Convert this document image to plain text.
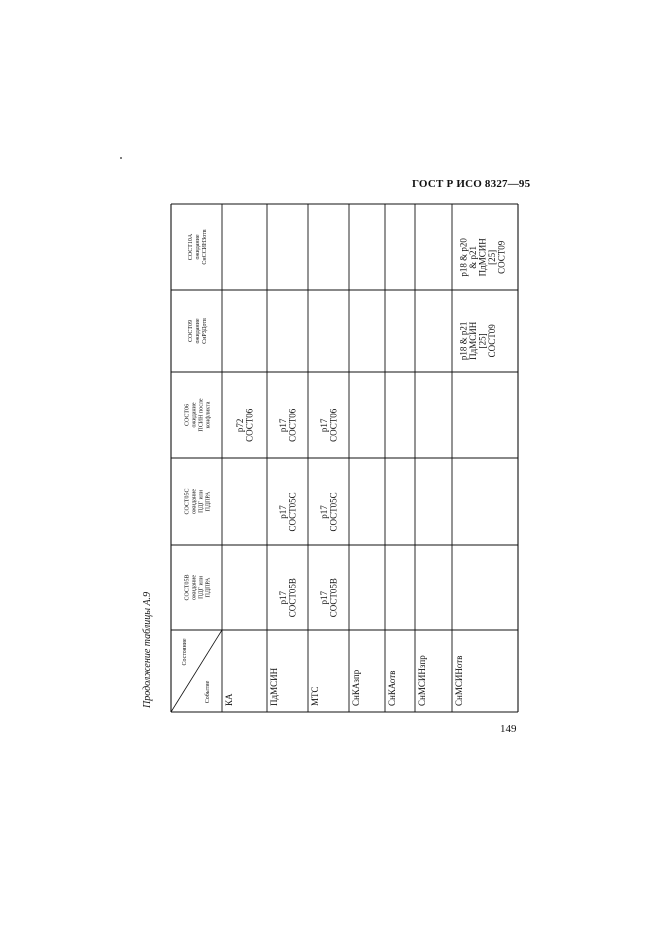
ГОСТ Р ИСО 8327—95
Продолжение таблицы А.9
149
Состояние
Событие
СОСТ05В ожидание ПДГ или ПДПРА
СОСТ05С ожидание ПДГ или ПДПРА
СОСТ06 ожидание ПСИН после конфликта
СОСТ09 ожидание СнРЗДотв
СОСТ10А ожидание СнССИНЗотв
КА
p72 СОСТ06
ПдМСИН
p17 СОСТ05В
p17 СОСТ05С
p17 СОСТ06
МТС
p17 СОСТ05В
p17 СОСТ05С
p17 СОСТ06
СнКАзпр	СнКАотв СнМСИНзпр	СнМСИНотв
p18 & p21 ПдМСИН [25] СОСТ09
p18 & p20 & p21 ПдМСИН [25] СОСТ09
